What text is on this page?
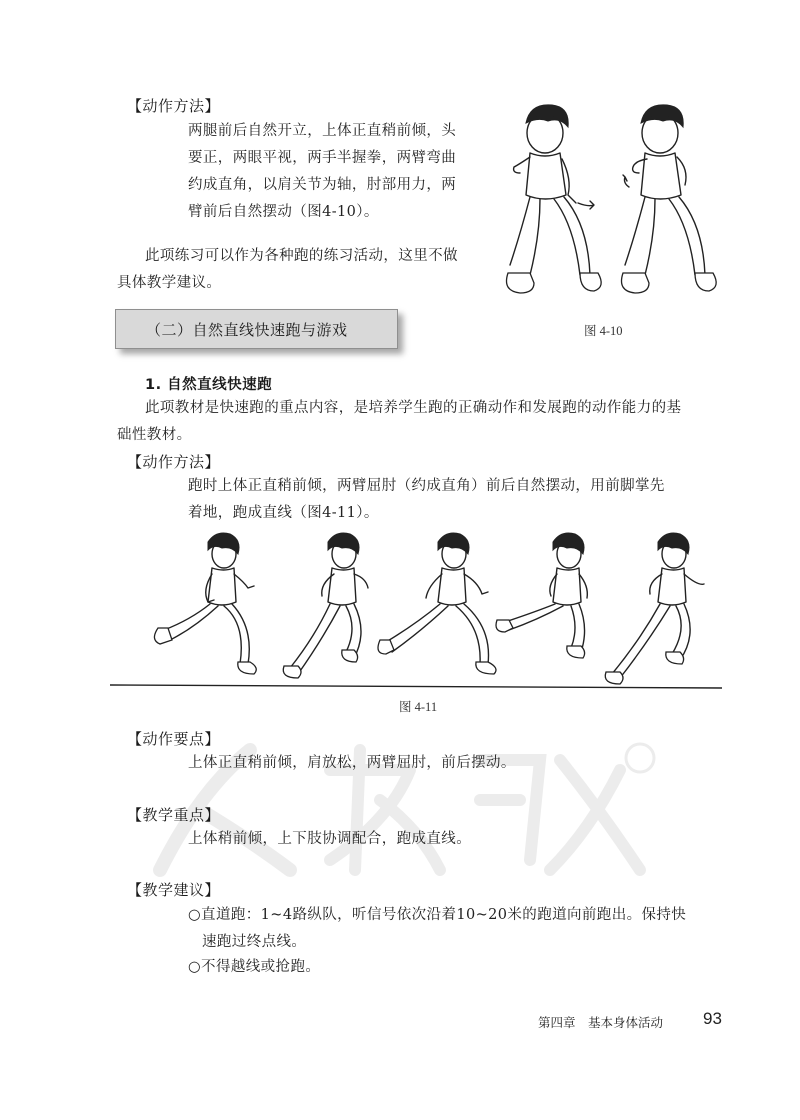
【动作方法】
两腿前后自然开立，上体正直稍前倾，头
要正，两眼平视，两手半握拳，两臂弯曲
约成直角，以肩关节为轴，肘部用力，两
臂前后自然摆动（图4-10）。
此项练习可以作为各种跑的练习活动，这里不做
具体教学建议。
图 4-10
（二）自然直线快速跑与游戏
1. 自然直线快速跑
此项教材是快速跑的重点内容，是培养学生跑的正确动作和发展跑的动作能力的基
础性教材。
【动作方法】
跑时上体正直稍前倾，两臂屈肘（约成直角）前后自然摆动，用前脚掌先
着地，跑成直线（图4-11）。
图 4-11
【动作要点】
上体正直稍前倾，肩放松，两臂屈肘，前后摆动。
【教学重点】
上体稍前倾，上下肢协调配合，跑成直线。
【教学建议】
○直道跑：1~4路纵队，听信号依次沿着10~20米的跑道向前跑出。保持快
速跑过终点线。
○不得越线或抢跑。
第四章　基本身体活动 93
